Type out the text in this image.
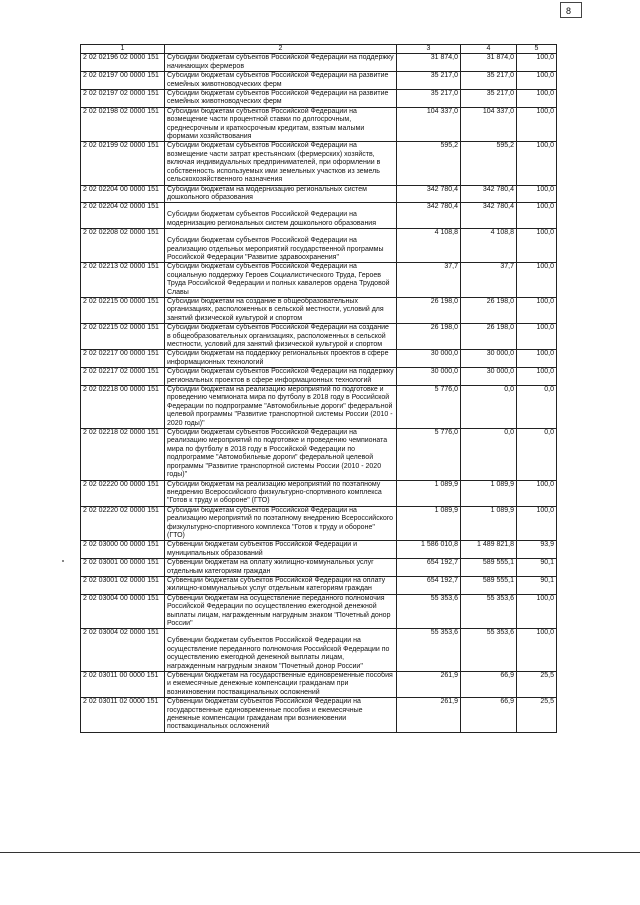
8
1	2	3	4	5
2 02 02196 02 0000 151	Субсидии бюджетам субъектов Российской Федерации на поддержку начинающих фермеров	31 874,0	31 874,0	100,0
2 02 02197 00 0000 151	Субсидии бюджетам субъектов Российской Федерации на развитие семейных животноводческих ферм	35 217,0	35 217,0	100,0
2 02 02197 02 0000 151	Субсидии бюджетам субъектов Российской Федерации на развитие семейных животноводческих ферм	35 217,0	35 217,0	100,0
2 02 02198 02 0000 151	Субсидии бюджетам субъектов Российской Федерации на возмещение части процентной ставки по долгосрочным, среднесрочным и краткосрочным кредитам, взятым малыми формами хозяйствования	104 337,0	104 337,0	100,0
2 02 02199 02 0000 151	Субсидии бюджетам субъектов Российской Федерации на возмещение части затрат крестьянских (фермерских) хозяйств, включая индивидуальных предпринимателей, при оформлении в собственность используемых ими земельных участков из земель сельскохозяйственного назначения	595,2	595,2	100,0
2 02 02204 00 0000 151	Субсидии бюджетам на модернизацию региональных систем дошкольного образования	342 780,4	342 780,4	100,0
2 02 02204 02 0000 151	Субсидии бюджетам субъектов Российской Федерации на модернизацию региональных систем дошкольного образования	342 780,4	342 780,4	100,0
2 02 02208 02 0000 151	Субсидии бюджетам субъектов Российской Федерации на реализацию отдельных мероприятий государственной программы Российской Федерации "Развитие здравоохранения"	4 108,8	4 108,8	100,0
2 02 02213 02 0000 151	Субсидии бюджетам субъектов Российской Федерации на социальную поддержку Героев Социалистического Труда, Героев Труда Российской Федерации и полных кавалеров ордена Трудовой Славы	37,7	37,7	100,0
2 02 02215 00 0000 151	Субсидии бюджетам на создание в общеобразовательных организациях, расположенных в сельской местности, условий для занятий физической культурой и спортом	26 198,0	26 198,0	100,0
2 02 02215 02 0000 151	Субсидии бюджетам субъектов Российской Федерации на создание в общеобразовательных организациях, расположенных в сельской местности, условий для занятий физической культурой и спортом	26 198,0	26 198,0	100,0
2 02 02217 00 0000 151	Субсидии бюджетам на поддержку региональных проектов в сфере информационных технологий	30 000,0	30 000,0	100,0
2 02 02217 02 0000 151	Субсидии бюджетам субъектов Российской Федерации на поддержку региональных проектов в сфере информационных технологий	30 000,0	30 000,0	100,0
2 02 02218 00 0000 151	Субсидии бюджетам на реализацию мероприятий по подготовке и проведению чемпионата мира по футболу в 2018 году в Российской Федерации по подпрограмме "Автомобильные дороги" федеральной целевой программы "Развитие транспортной системы России (2010 - 2020 годы)"	5 776,0	0,0	0,0
2 02 02218 02 0000 151	Субсидии бюджетам субъектов Российской Федерации на реализацию мероприятий по подготовке и проведению чемпионата мира по футболу в 2018 году в Российской Федерации по подпрограмме "Автомобильные дороги" федеральной целевой программы "Развитие транспортной системы России (2010 - 2020 годы)"	5 776,0	0,0	0,0
2 02 02220 00 0000 151	Субсидии бюджетам на реализацию мероприятий по поэтапному внедрению Всероссийского физкультурно-спортивного комплекса "Готов к труду и обороне" (ГТО)	1 089,9	1 089,9	100,0
2 02 02220 02 0000 151	Субсидии бюджетам субъектов Российской Федерации на реализацию мероприятий по поэтапному внедрению Всероссийского физкультурно-спортивного комплекса "Готов к труду и обороне" (ГТО)	1 089,9	1 089,9	100,0
2 02 03000 00 0000 151	Субвенции бюджетам субъектов Российской Федерации и муниципальных образований	1 586 010,8	1 489 821,8	93,9
2 02 03001 00 0000 151	Субвенции бюджетам на оплату жилищно-коммунальных услуг отдельным категориям граждан	654 192,7	589 555,1	90,1
2 02 03001 02 0000 151	Субвенции бюджетам субъектов Российской Федерации на оплату жилищно-коммунальных услуг отдельным категориям граждан	654 192,7	589 555,1	90,1
2 02 03004 00 0000 151	Субвенции бюджетам на осуществление переданного полномочия Российской Федерации по осуществлению ежегодной денежной выплаты лицам, награжденным нагрудным знаком "Почетный донор России"	55 353,6	55 353,6	100,0
2 02 03004 02 0000 151	Субвенции бюджетам субъектов Российской Федерации на осуществление переданного полномочия Российской Федерации по осуществлению ежегодной денежной выплаты лицам, награжденным нагрудным знаком "Почетный донор России"	55 353,6	55 353,6	100,0
2 02 03011 00 0000 151	Субвенции бюджетам на государственные единовременные пособия и ежемесячные денежные компенсации гражданам при возникновении поствакцинальных осложнений	261,9	66,9	25,5
2 02 03011 02 0000 151	Субвенции бюджетам субъектов Российской Федерации на государственные единовременные пособия и ежемесячные денежные компенсации гражданам при возникновении поствакцинальных осложнений	261,9	66,9	25,5
